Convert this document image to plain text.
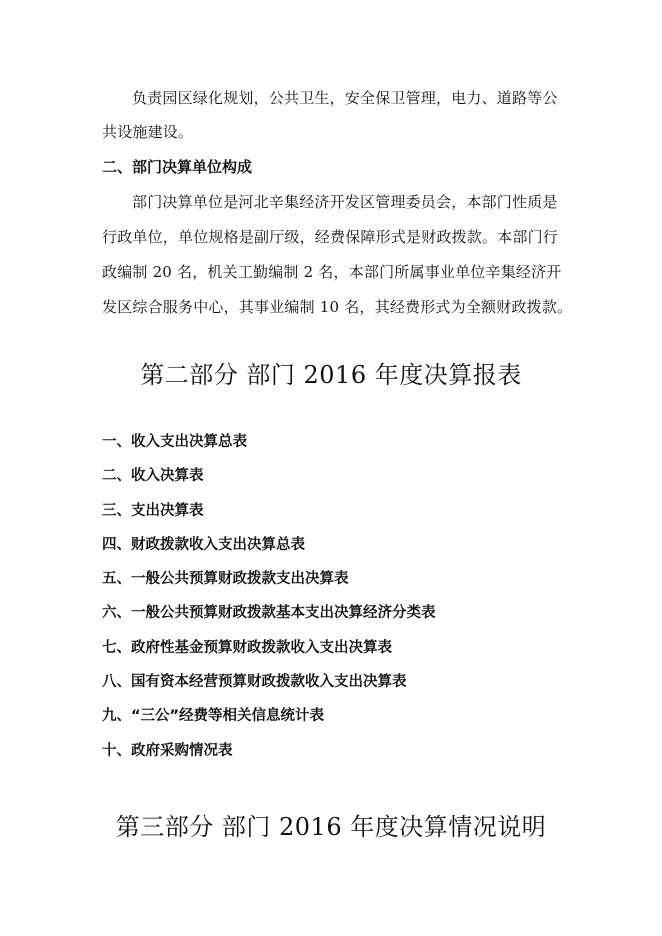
负责园区绿化规划，公共卫生，安全保卫管理，电力、道路等公
共设施建设。
二、部门决算单位构成
部门决算单位是河北辛集经济开发区管理委员会，本部门性质是
行政单位，单位规格是副厅级，经费保障形式是财政拨款。本部门行
政编制 20 名，机关工勤编制 2 名，本部门所属事业单位辛集经济开
发区综合服务中心，其事业编制 10 名，其经费形式为全额财政拨款。
第二部分 部门 2016 年度决算报表
一、收入支出决算总表
二、收入决算表
三、支出决算表
四、财政拨款收入支出决算总表
五、一般公共预算财政拨款支出决算表
六、一般公共预算财政拨款基本支出决算经济分类表
七、政府性基金预算财政拨款收入支出决算表
八、国有资本经营预算财政拨款收入支出决算表
九、“三公”经费等相关信息统计表
十、政府采购情况表
第三部分 部门 2016 年度决算情况说明
